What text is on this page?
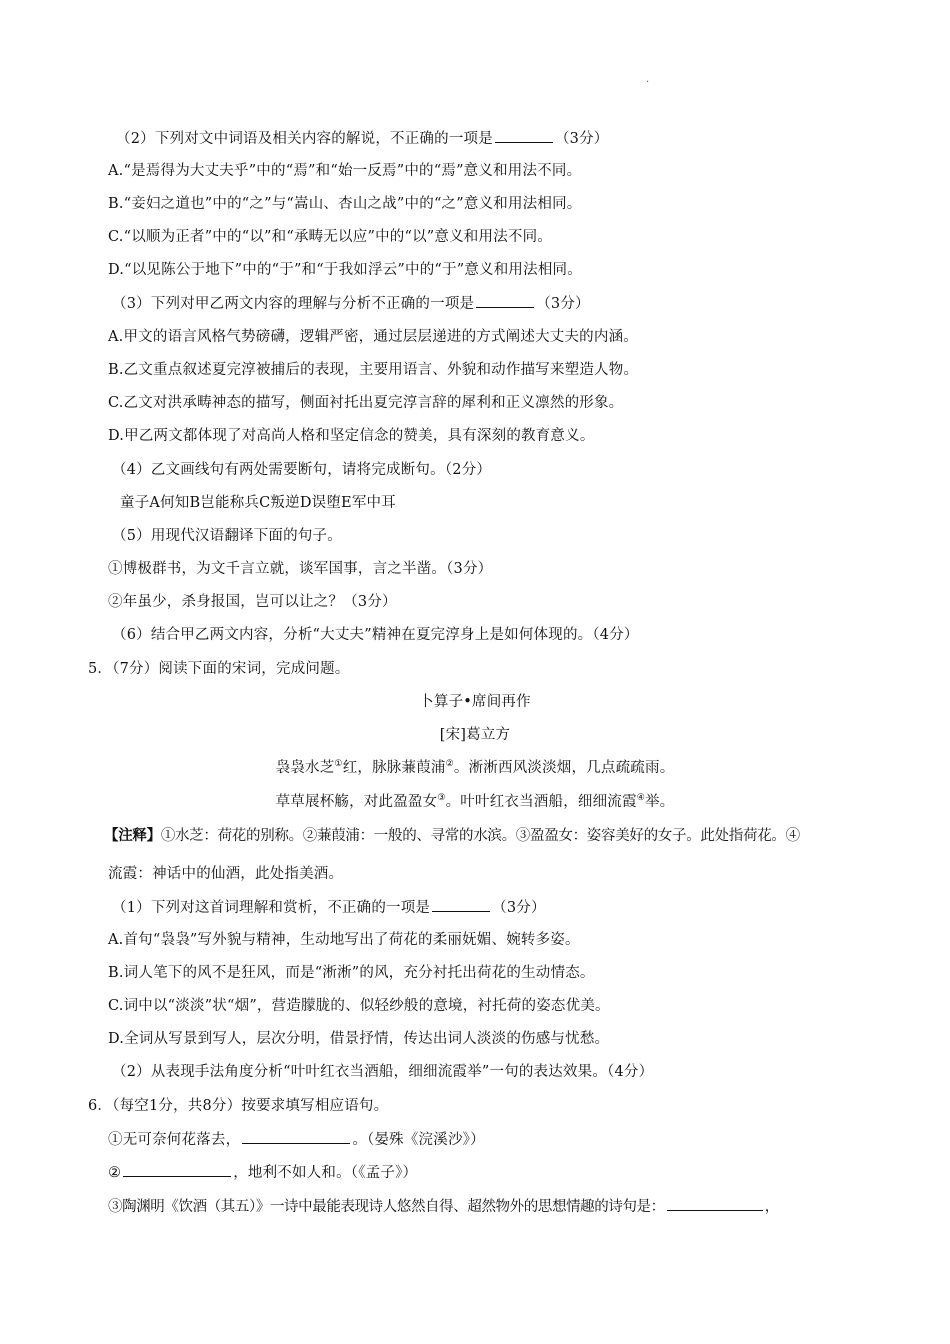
.
（2）下列对文中词语及相关内容的解说，不正确的一项是	（3分）
A.“是焉得为大丈夫乎”中的“焉”和“始一反焉”中的“焉”意义和用法不同。
B.“妾妇之道也”中的“之”与“嵩山、杏山之战”中的“之”意义和用法相同。
C.“以顺为正者”中的“以”和“承畴无以应”中的“以”意义和用法不同。
D.“以见陈公于地下”中的“于”和“于我如浮云”中的“于”意义和用法相同。
（3）下列对甲乙两文内容的理解与分析不正确的一项是	（3分）
A.甲文的语言风格气势磅礴，逻辑严密，通过层层递进的方式阐述大丈夫的内涵。
B.乙文重点叙述夏完淳被捕后的表现，主要用语言、外貌和动作描写来塑造人物。
C.乙文对洪承畴神态的描写，侧面衬托出夏完淳言辞的犀利和正义凛然的形象。
D.甲乙两文都体现了对高尚人格和坚定信念的赞美，具有深刻的教育意义。
（4）乙文画线句有两处需要断句，请将完成断句。（2分）
童子A何知B岂能称兵C叛逆D误堕E军中耳
（5）用现代汉语翻译下面的句子。
①博极群书，为文千言立就，谈军国事，言之半凿。（3分）
②年虽少，杀身报国，岂可以让之？（3分）
（6）结合甲乙两文内容，分析“大丈夫”精神在夏完淳身上是如何体现的。（4分）
5．（7分）阅读下面的宋词，完成问题。
卜算子•席间再作
[宋]葛立方
袅袅水芝①红，脉脉蒹葭浦②。淅淅西风淡淡烟，几点疏疏雨。
草草展杯觞，对此盈盈女③。叶叶红衣当酒船，细细流霞④举。
【注释】①水芝：荷花的别称。②蒹葭浦：一般的、寻常的水滨。③盈盈女：姿容美好的女子。此处指荷花。④
流霞：神话中的仙酒，此处指美酒。
（1）下列对这首词理解和赏析，不正确的一项是	（3分）
A.首句“袅袅”写外貌与精神，生动地写出了荷花的柔丽妩媚、婉转多姿。
B.词人笔下的风不是狂风，而是“淅淅”的风，充分衬托出荷花的生动情态。
C.词中以“淡淡”状“烟”，营造朦胧的、似轻纱般的意境，衬托荷的姿态优美。
D.全词从写景到写人，层次分明，借景抒情，传达出词人淡淡的伤感与忧愁。
（2）从表现手法角度分析“叶叶红衣当酒船，细细流霞举”一句的表达效果。（4分）
6．（每空1分，共8分）按要求填写相应语句。
①无可奈何花落去，	。（晏殊《浣溪沙》）
②	，地利不如人和。（《孟子》）
③陶渊明《饮酒（其五）》一诗中最能表现诗人悠然自得、超然物外的思想情趣的诗句是：	，
